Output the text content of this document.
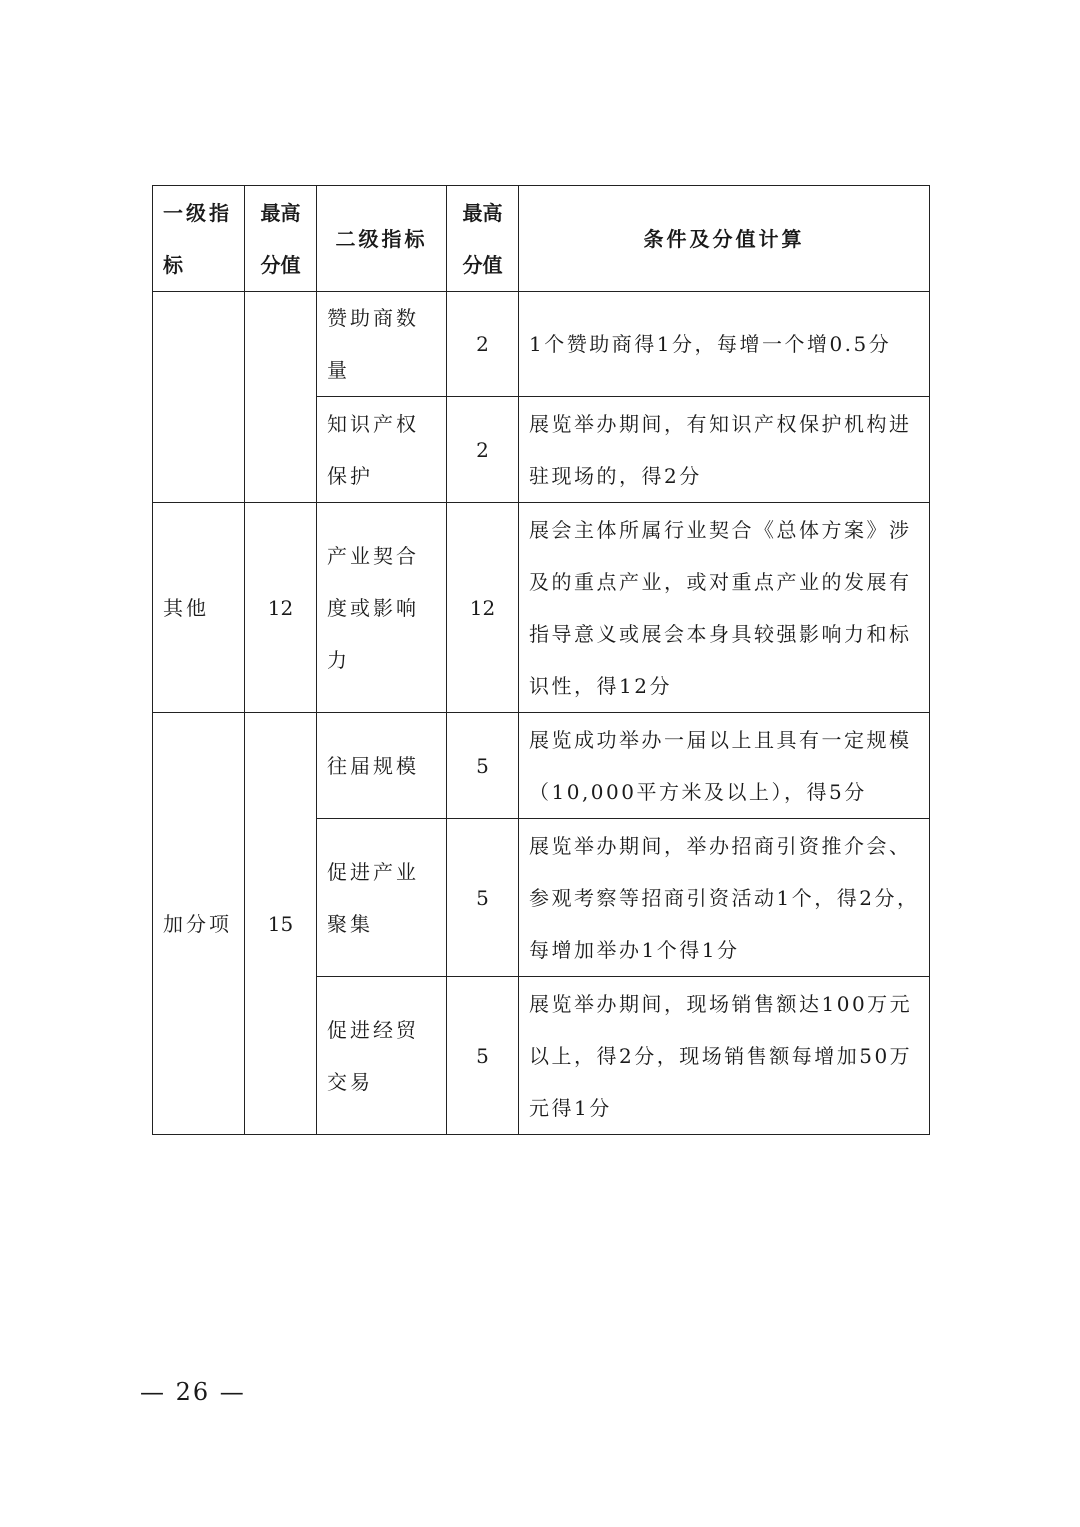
一级指标	最高分值	二级指标	最高分值	条件及分值计算
		赞助商数量	2	1个赞助商得1分，每增一个增0.5分
		知识产权保护	2	展览举办期间，有知识产权保护机构进驻现场的，得2分
其他	12	产业契合度或影响力	12	展会主体所属行业契合《总体方案》涉及的重点产业，或对重点产业的发展有指导意义或展会本身具较强影响力和标识性，得12分
加分项	15	往届规模	5	展览成功举办一届以上且具有一定规模（10,000平方米及以上），得5分
		促进产业聚集	5	展览举办期间，举办招商引资推介会、参观考察等招商引资活动1个，得2分，每增加举办1个得1分
		促进经贸交易	5	展览举办期间，现场销售额达100万元以上，得2分，现场销售额每增加50万元得1分
— 26 —
